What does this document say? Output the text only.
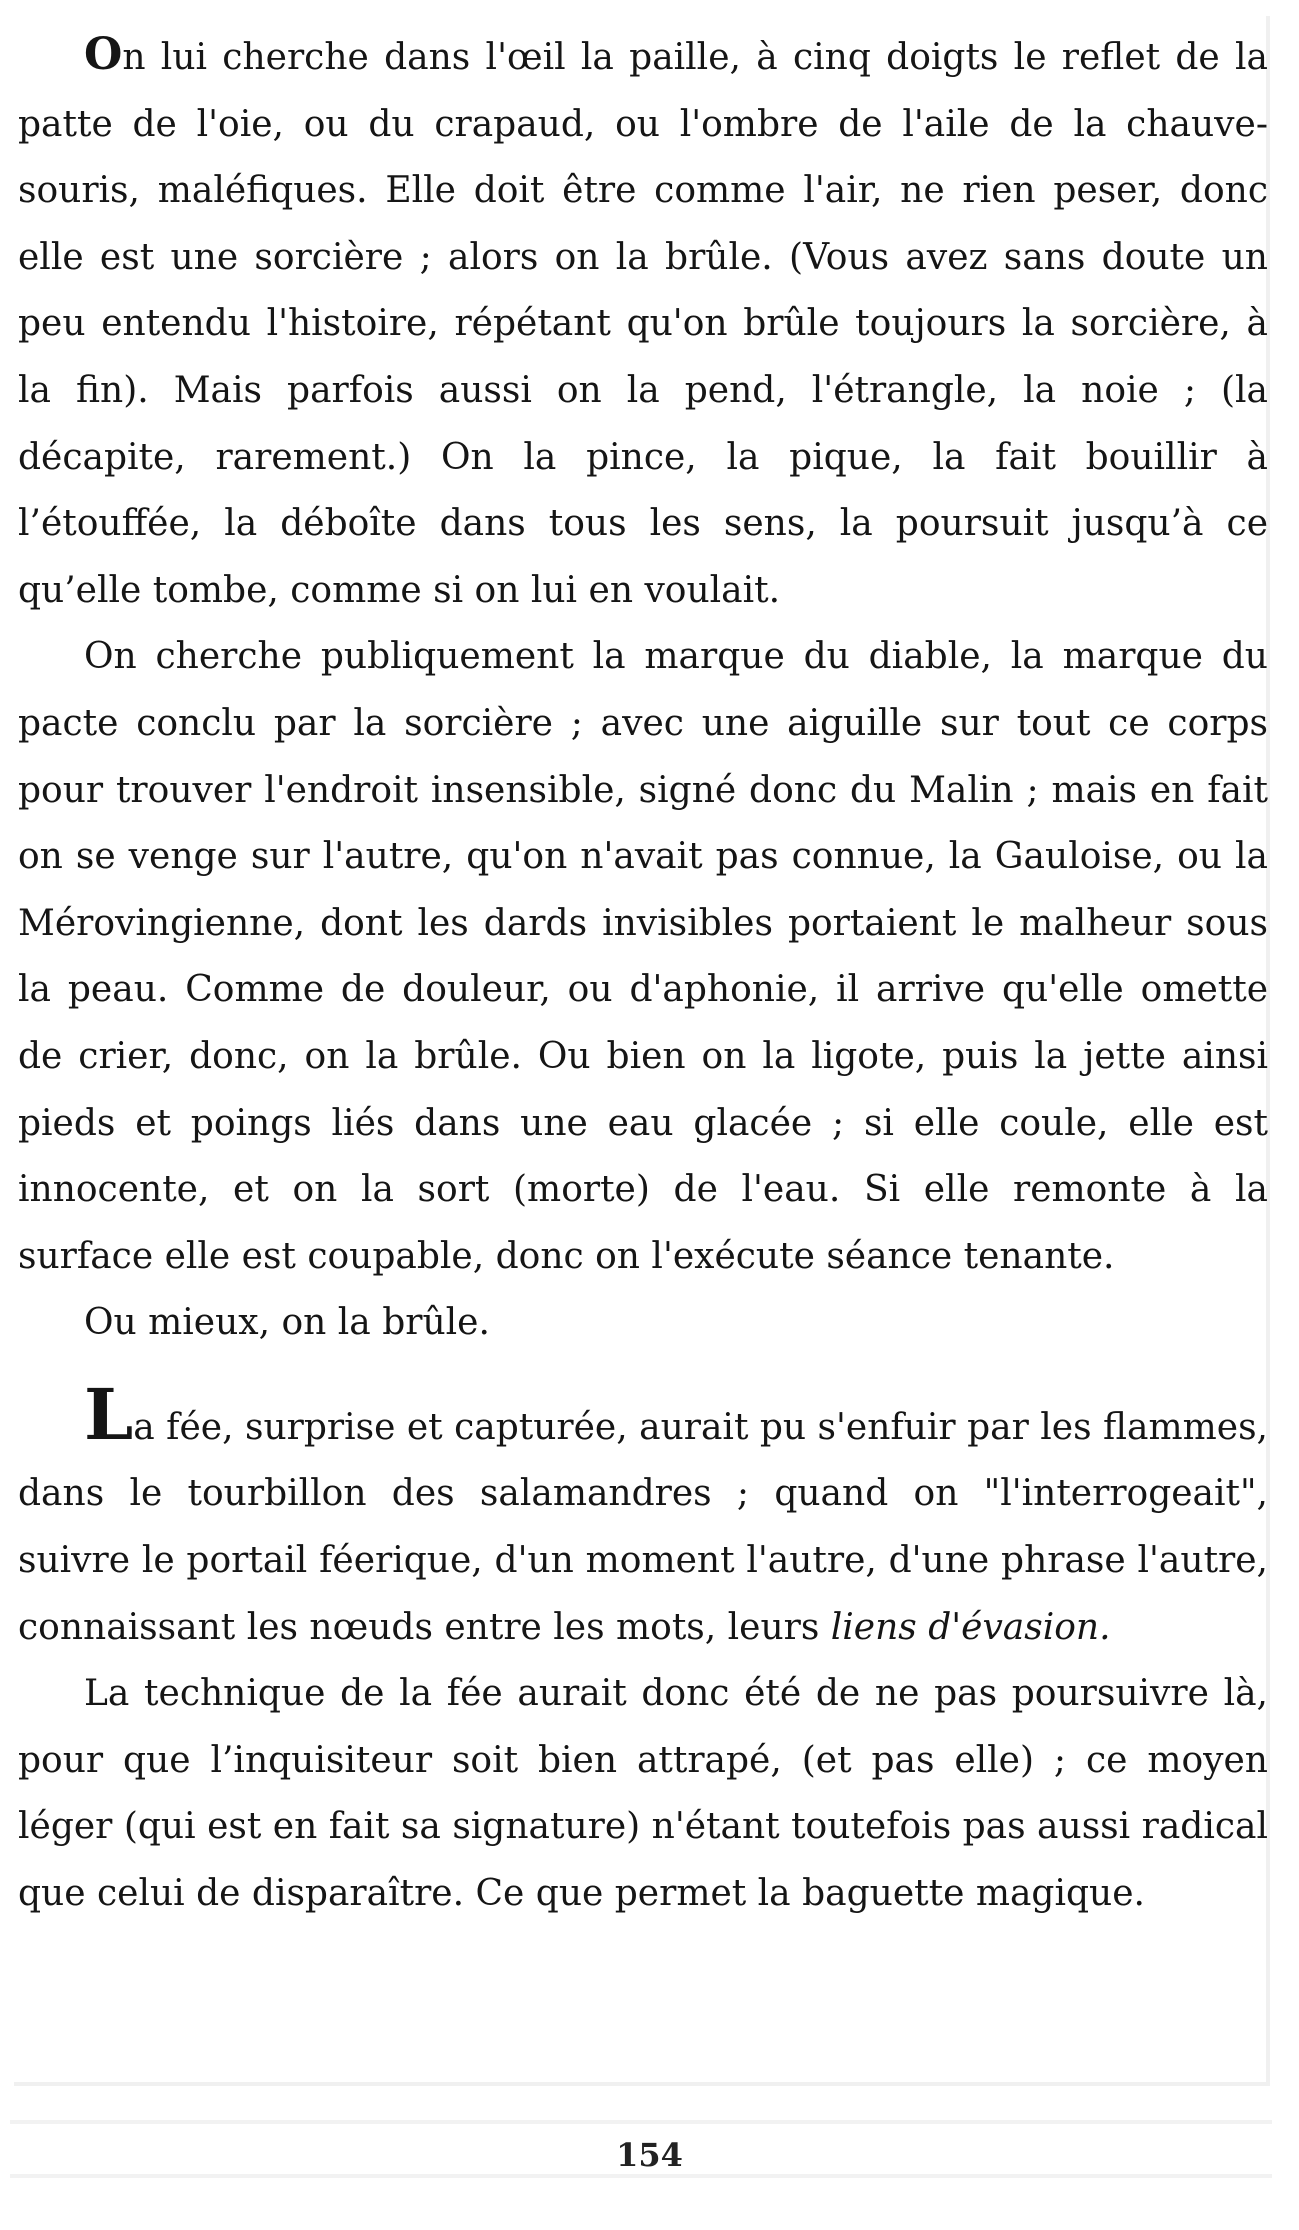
On lui cherche dans l'œil la paille, à cinq doigts le reflet de la patte de l'oie, ou du crapaud, ou l'ombre de l'aile de la chauve-souris, maléfiques. Elle doit être comme l'air, ne rien peser, donc elle est une sorcière ; alors on la brûle. (Vous avez sans doute un peu entendu l'histoire, répétant qu'on brûle toujours la sorcière, à la fin). Mais parfois aussi on la pend, l'étrangle, la noie ; (la décapite, rarement.) On la pince, la pique, la fait bouillir à l’étouffée, la déboîte dans tous les sens, la poursuit jusqu’à ce qu’elle tombe, comme si on lui en voulait.

On cherche publiquement la marque du diable, la marque du pacte conclu par la sorcière ; avec une aiguille sur tout ce corps pour trouver l'endroit insensible, signé donc du Malin ; mais en fait on se venge sur l'autre, qu'on n'avait pas connue, la Gauloise, ou la Mérovingienne, dont les dards invisibles portaient le malheur sous la peau. Comme de douleur, ou d'aphonie, il arrive qu'elle omette de crier, donc, on la brûle. Ou bien on la ligote, puis la jette ainsi pieds et poings liés dans une eau glacée ; si elle coule, elle est innocente, et on la sort (morte) de l'eau. Si elle remonte à la surface elle est coupable, donc on l'exécute séance tenante.

Ou mieux, on la brûle.

La fée, surprise et capturée, aurait pu s'enfuir par les flammes, dans le tourbillon des salamandres ; quand on "l'interrogeait", suivre le portail féerique, d'un moment l'autre, d'une phrase l'autre, connaissant les nœuds entre les mots, leurs liens d'évasion.

La technique de la fée aurait donc été de ne pas poursuivre là, pour que l’inquisiteur soit bien attrapé, (et pas elle) ; ce moyen léger (qui est en fait sa signature) n'étant toutefois pas aussi radical que celui de disparaître. Ce que permet la baguette magique.

154
